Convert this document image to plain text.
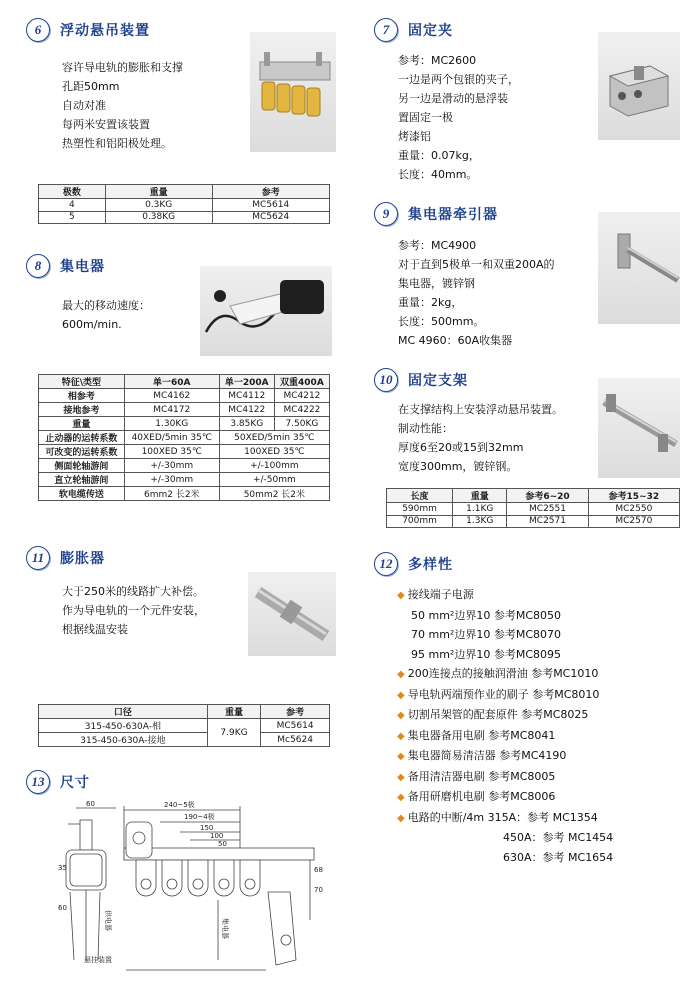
6	浮动悬吊装置
容许导电轨的膨胀和支撑
孔距50mm
自动对准
每两米安置该装置
热塑性和铝阳极处理。
极数	重量	参考
4	0.3KG	MC5614
5	0.38KG	MC5624
7	固定夹
参考：MC2600
一边是两个包银的夹子，
另一边是滑动的悬浮装
置固定一极
烤漆铝
重量：0.07kg，
长度：40mm。
8	集电器
最大的移动速度：
600m/min.
特征\类型	单一60A	单一200A	双重400A
相参考	MC4162	MC4112	MC4212
接地参考	MC4172	MC4122	MC4222
重量	1.30KG	3.85KG	7.50KG
止动器的运转系数	40XED/5min 35℃	50XED/5min 35℃	
可改变的运转系数	100XED 35℃	100XED 35℃	
侧面轮轴游间	+/-30mm	+/-100mm	
直立轮轴游间	+/-30mm	+/-50mm	
软电缆传送	6mm2 长2米	50mm2 长2米	
9	集电器牵引器
参考：MC4900
对于直到5极单一和双重200A的
集电器，镀锌钢
重量：2kg，
长度：500mm。
MC 4960：60A收集器
10	固定支架
在支撑结构上安装浮动悬吊装置。
制动性能：
厚度6至20或15到32mm
宽度300mm，镀锌钢。
长度	重量	参考6~20	参考15~32
590mm	1.1KG	MC2551	MC2550
700mm	1.3KG	MC2571	MC2570
11	膨胀器
大于250米的线路扩大补偿。
作为导电轨的一个元件安装，
根据线温安装
口径	重量	参考
315-450-630A-相	7.9KG	MC5614
315-450-630A-接地		Mc5624
12	多样性
◆ 接线端子电源
50 mm²边界10 参考MC8050
70 mm²边界10 参考MC8070
95 mm²边界10 参考MC8095
◆ 200连接点的接触润滑油 参考MC1010
◆ 导电轨两端预作业的刷子 参考MC8010
◆ 切割吊架管的配套原件 参考MC8025
◆ 集电器备用电刷 参考MC8041
◆ 集电器简易清洁器 参考MC4190
◆ 备用清洁器电刷 参考MC8005
◆ 备用研磨机电刷 参考MC8006
◆ 电路的中断/4m 315A：参考 MC1354
450A：参考 MC1454
630A：参考 MC1654
13	尺寸
60	240~5极
190~4极
150
100
50
70
68
35
60
悬挂装置
供电器	集电器
